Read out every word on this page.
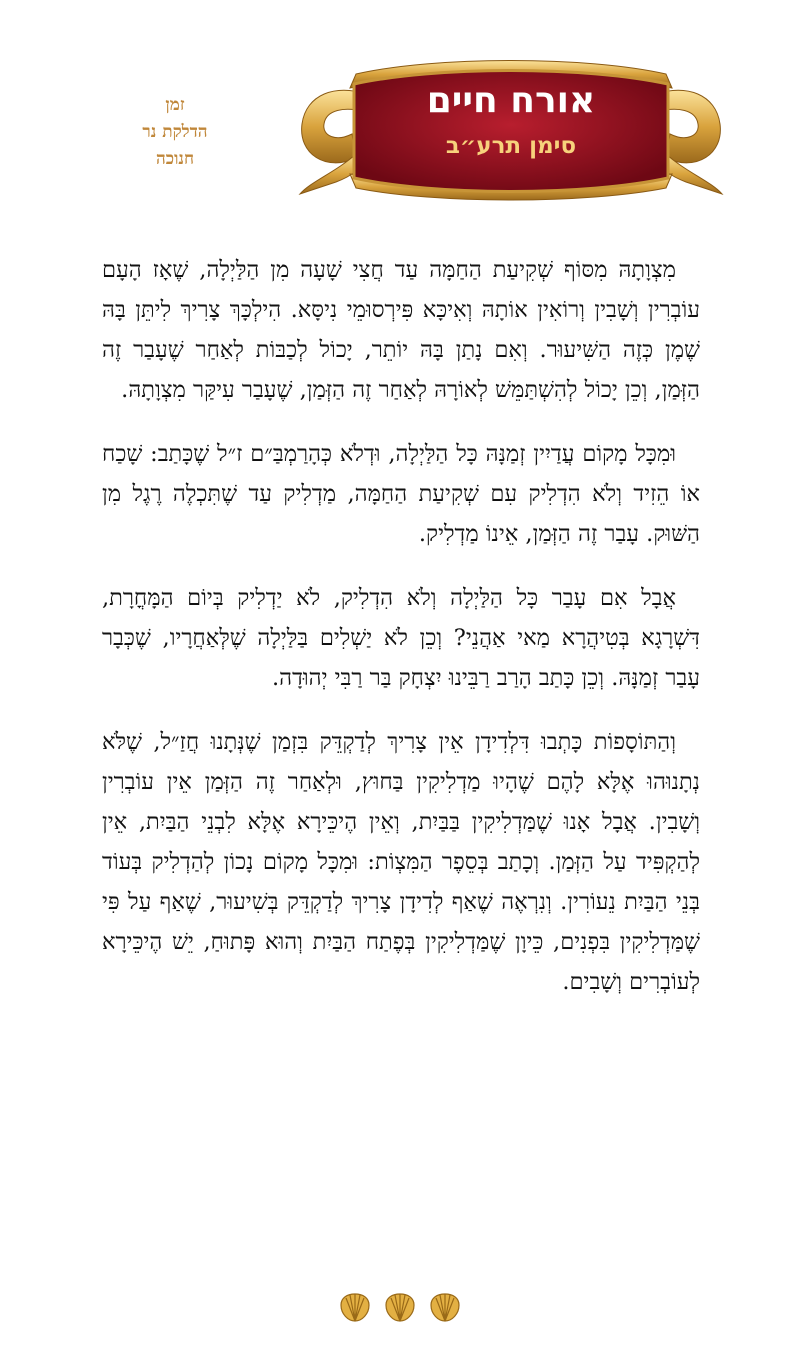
זמן
הדלקת נר
חנוכה
אורח חיים
סימן תרע״ב

מִצְוָתָהּ מִסּוֹף שְׁקִיעַת הַחַמָּה עַד חֲצִי שָׁעָה מִן הַלַּיְלָה, שֶׁאָז הָעָם עוֹבְרִין וְשָׁבִין וְרוֹאִין אוֹתָהּ וְאִיכָּא פִּירְסוּמֵי נִיסָּא. הִילְכָּךְ צָרִיךְ לִיתֵּן בָּהּ שֶׁמֶן כְּזֶה הַשִּׁיעוּר. וְאִם נָתַן בָּהּ יוֹתֵר, יָכוֹל לְכַבּוֹת לְאַחַר שֶׁעָבַר זֶה הַזְּמַן, וְכֵן יָכוֹל לְהִשְׁתַּמֵּשׁ לְאוֹרָהּ לְאַחַר זֶה הַזְּמַן, שֶׁעָבַר עִיקַּר מִצְוָתָהּ.

וּמִכָּל מָקוֹם עֲדַיִין זְמַנָּהּ כָּל הַלַּיְלָה, וּדְלֹא כְּהָרַמְבַּ״ם ז״ל שֶׁכָּתַב: שָׁכַח אוֹ הֵזִיד וְלֹא הִדְלִיק עִם שְׁקִיעַת הַחַמָּה, מַדְלִיק עַד שֶׁתִּכְלֶה רֶגֶל מִן הַשּׁוּק. עָבַר זֶה הַזְּמַן, אֵינוֹ מַדְלִיק.

אֲבָל אִם עָבַר כָּל הַלַּיְלָה וְלֹא הִדְלִיק, לֹא יַדְלִיק בְּיוֹם הַמָּחֳרָת, דִּשְׁרָגָא בְּטִיהֲרָא מַאי אַהֲנֵי? וְכֵן לֹא יַשְׁלִים בַּלַּיְלָה שֶׁלְּאַחֲרָיו, שֶׁכְּבָר עָבַר זְמַנָּהּ. וְכֵן כָּתַב הָרַב רַבֵּינוּ יִצְחָק בַּר רַבִּי יְהוּדָה.

וְהַתּוֹסָפוֹת כָּתְבוּ דִּלְדִידָן אֵין צָרִיךְ לְדַקְדֵּק בִּזְמַן שֶׁנְּתָנוּ חֲזַ״ל, שֶׁלֹּא נְתָנוּהוּ אֶלָּא לָהֶם שֶׁהָיוּ מַדְלִיקִין בַּחוּץ, וּלְאַחַר זֶה הַזְּמַן אֵין עוֹבְרִין וְשָׁבִין. אֲבָל אָנוּ שֶׁמַּדְלִיקִין בַּבַּיִת, וְאֵין הֶיכֵּירָא אֶלָּא לִבְנֵי הַבַּיִת, אֵין לְהַקְפִּיד עַל הַזְּמַן. וְכָתַב בְּסֵפֶר הַמִּצְוֹת: וּמִכָּל מָקוֹם נָכוֹן לְהַדְלִיק בְּעוֹד בְּנֵי הַבַּיִת נֵעוֹרִין. וְנִרְאֶה שֶׁאַף לְדִידָן צָרִיךְ לְדַקְדֵּק בְּשִׁיעוּר, שֶׁאַף עַל פִּי שֶׁמַּדְלִיקִין בִּפְנִים, כֵּיוָן שֶׁמַּדְלִיקִין בְּפֶתַח הַבַּיִת וְהוּא פָּתוּחַ, יֵשׁ הֶיכֵּירָא לְעוֹבְרִים וְשָׁבִים.
